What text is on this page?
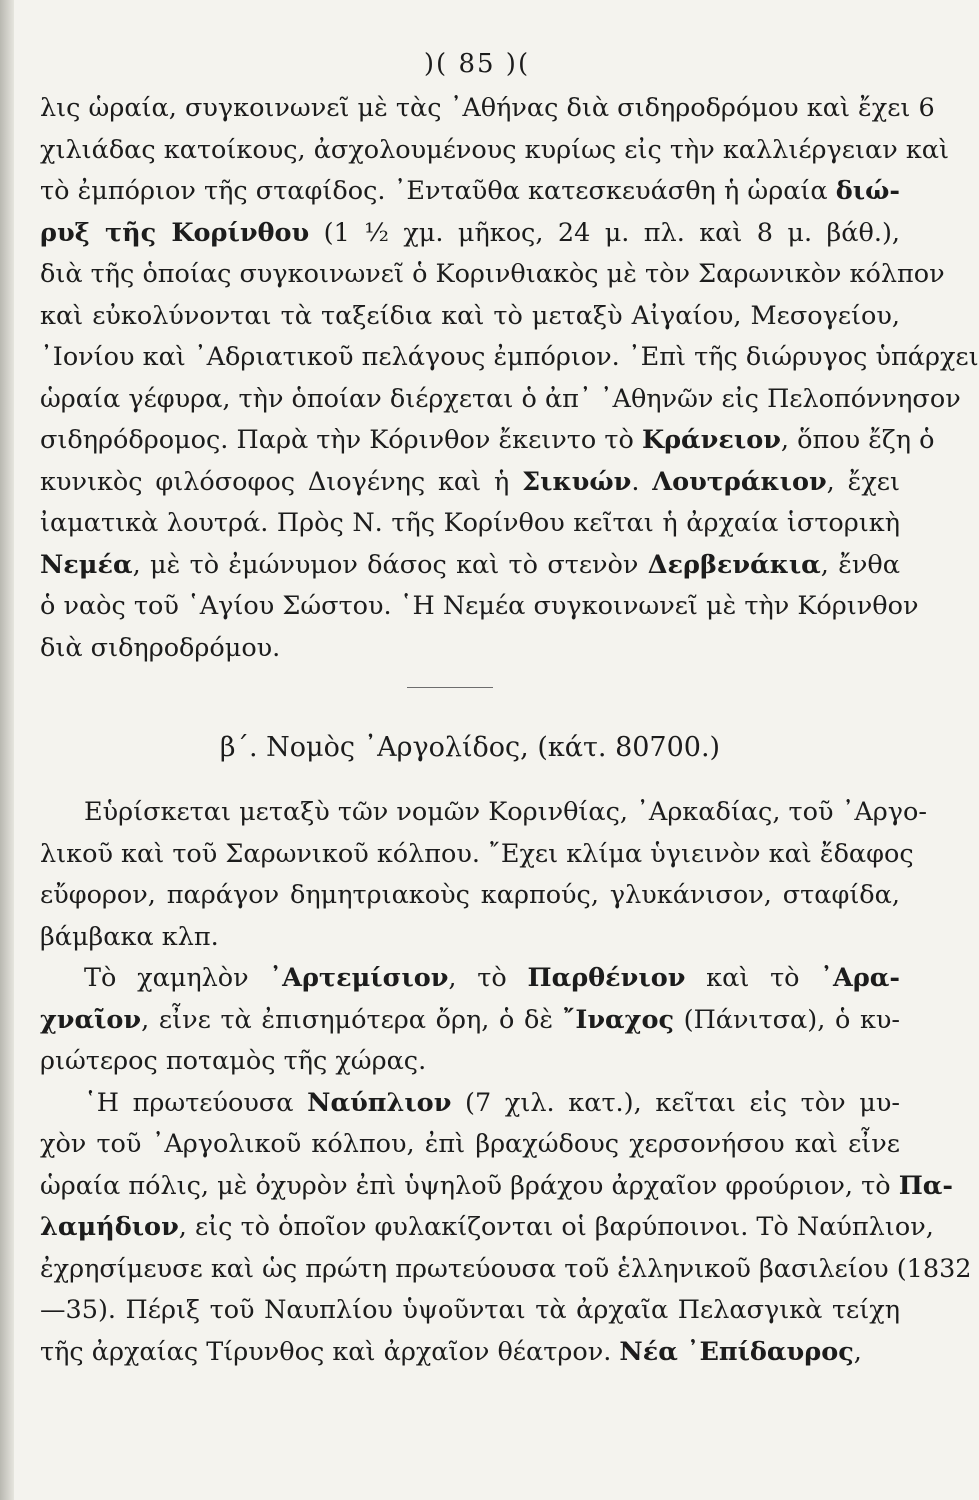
)( 85 )(
λις ὡραία, συγκοινωνεῖ μὲ τὰς ᾿Αθήνας διὰ σιδηροδρόμου καὶ ἔχει 6
χιλιάδας κατοίκους, ἀσχολουμένους κυρίως εἰς τὴν καλλιέργειαν καὶ
τὸ ἐμπόριον τῆς σταφίδος. ᾿Ενταῦθα κατεσκευάσθη ἡ ὡραία διώ-
ρυξ τῆς Κορίνθου (1 ½ χμ. μῆκος, 24 μ. πλ. καὶ 8 μ. βάθ.),
διὰ τῆς ὁποίας συγκοινωνεῖ ὁ Κορινθιακὸς μὲ τὸν Σαρωνικὸν κόλπον
καὶ εὐκολύνονται τὰ ταξείδια καὶ τὸ μεταξὺ Αἰγαίου, Μεσογείου,
᾿Ιονίου καὶ ᾿Αδριατικοῦ πελάγους ἐμπόριον. ᾿Επὶ τῆς διώρυγος ὑπάρχει
ὡραία γέφυρα, τὴν ὁποίαν διέρχεται ὁ ἀπ᾿ ᾿Αθηνῶν εἰς Πελοπόννησον
σιδηρόδρομος. Παρὰ τὴν Κόρινθον ἔκειντο τὸ Κράνειον, ὅπου ἔζη ὁ
κυνικὸς φιλόσοφος Διογένης καὶ ἡ Σικυών. Λουτράκιον, ἔχει
ἰαματικὰ λουτρά. Πρὸς Ν. τῆς Κορίνθου κεῖται ἡ ἀρχαία ἱστορικὴ
Νεμέα, μὲ τὸ ἐμώνυμον δάσος καὶ τὸ στενὸν Δερβενάκια, ἔνθα
ὁ ναὸς τοῦ ῾Αγίου Σώστου. ῾Η Νεμέα συγκοινωνεῖ μὲ τὴν Κόρινθον
διὰ σιδηροδρόμου.
β΄. Νομὸς ᾿Αργολίδος, (κάτ. 80700.)
Εὑρίσκεται μεταξὺ τῶν νομῶν Κορινθίας, ᾿Αρκαδίας, τοῦ ᾿Αργο-
λικοῦ καὶ τοῦ Σαρωνικοῦ κόλπου. ῎Εχει κλίμα ὑγιεινὸν καὶ ἔδαφος
εὔφορον, παράγον δημητριακοὺς καρπούς, γλυκάνισον, σταφίδα,
βάμβακα κλπ.
Τὸ χαμηλὸν ᾿Αρτεμίσιον, τὸ Παρθένιον καὶ τὸ ᾿Αρα-
χναῖον, εἶνε τὰ ἐπισημότερα ὄρη, ὁ δὲ ῎Ιναχος (Πάνιτσα), ὁ κυ-
ριώτερος ποταμὸς τῆς χώρας.
῾Η πρωτεύουσα Ναύπλιον (7 χιλ. κατ.), κεῖται εἰς τὸν μυ-
χὸν τοῦ ᾿Αργολικοῦ κόλπου, ἐπὶ βραχώδους χερσονήσου καὶ εἶνε
ὡραία πόλις, μὲ ὀχυρὸν ἐπὶ ὑψηλοῦ βράχου ἀρχαῖον φρούριον, τὸ Πα-
λαμήδιον, εἰς τὸ ὁποῖον φυλακίζονται οἱ βαρύποινοι. Τὸ Ναύπλιον,
ἐχρησίμευσε καὶ ὡς πρώτη πρωτεύουσα τοῦ ἑλληνικοῦ βασιλείου (1832
—35). Πέριξ τοῦ Ναυπλίου ὑψοῦνται τὰ ἀρχαῖα Πελασγικὰ τείχη
τῆς ἀρχαίας Τίρυνθος καὶ ἀρχαῖον θέατρον. Νέα ᾿Επίδαυρος,
